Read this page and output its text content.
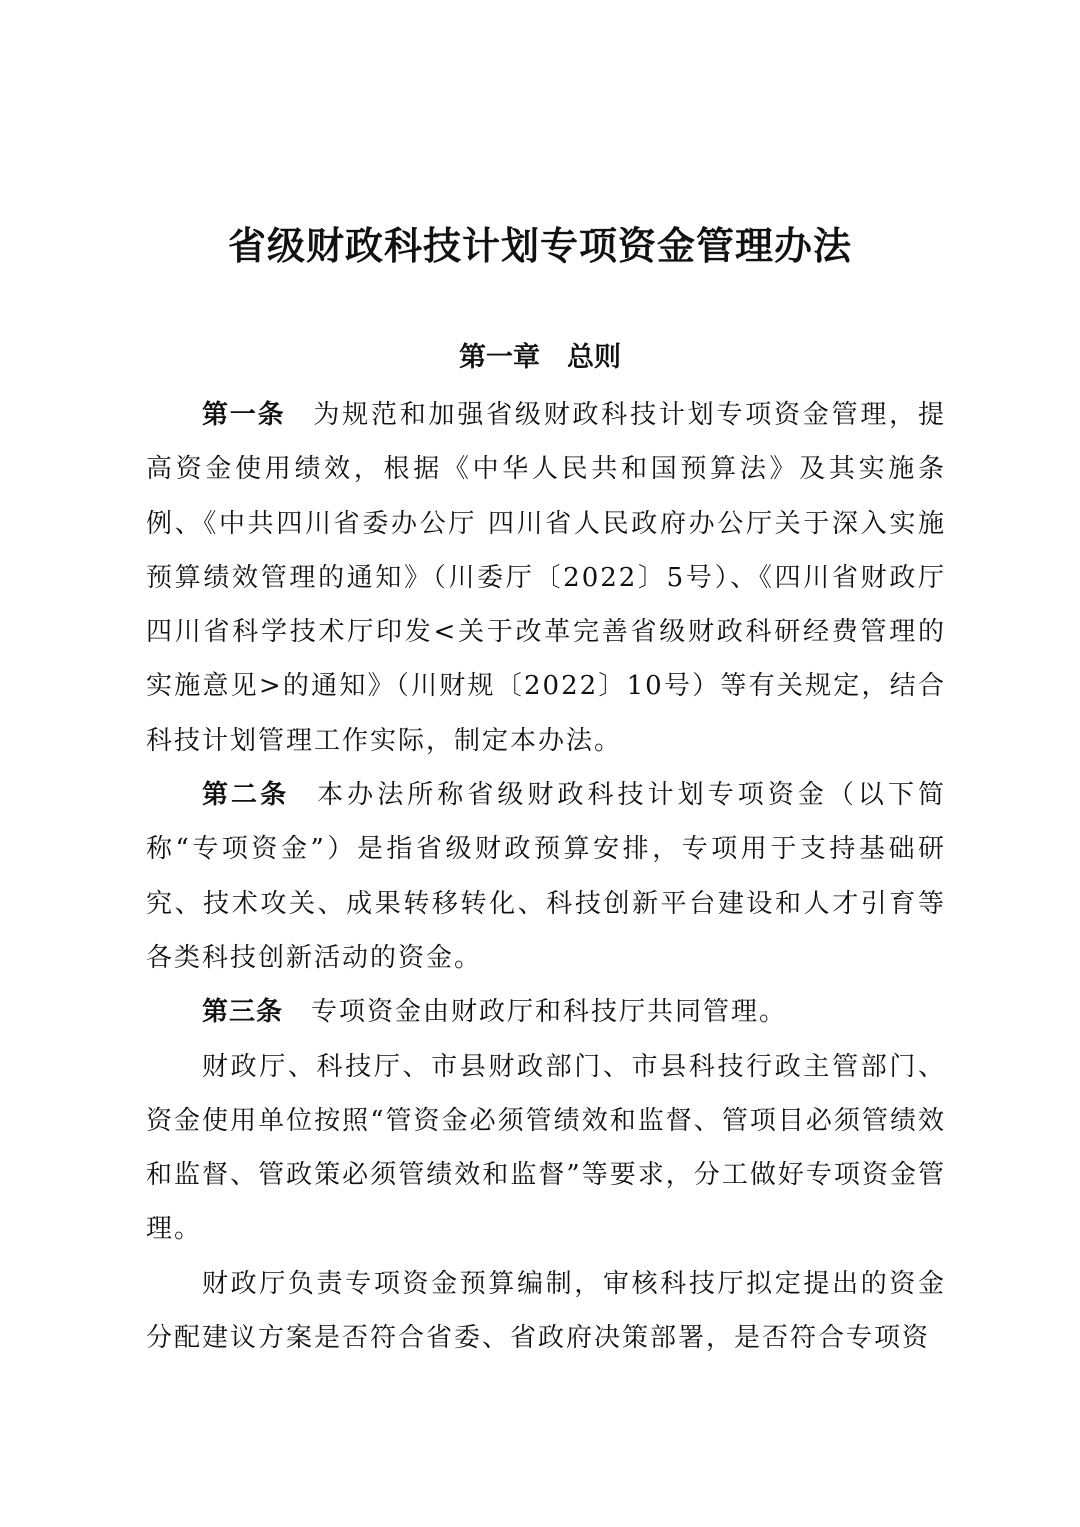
省级财政科技计划专项资金管理办法
第一章　总则

第一条 为规范和加强省级财政科技计划专项资金管理，提高资金使用绩效，根据《中华人民共和国预算法》及其实施条例、《中共四川省委办公厅 四川省人民政府办公厅关于深入实施预算绩效管理的通知》（川委厅〔2022〕5号）、《四川省财政厅 四川省科学技术厅印发<关于改革完善省级财政科研经费管理的实施意见>的通知》（川财规〔2022〕10号）等有关规定，结合科技计划管理工作实际，制定本办法。

第二条 本办法所称省级财政科技计划专项资金（以下简称“专项资金”）是指省级财政预算安排，专项用于支持基础研究、技术攻关、成果转移转化、科技创新平台建设和人才引育等各类科技创新活动的资金。

第三条 专项资金由财政厅和科技厅共同管理。

财政厅、科技厅、市县财政部门、市县科技行政主管部门、资金使用单位按照“管资金必须管绩效和监督、管项目必须管绩效和监督、管政策必须管绩效和监督”等要求，分工做好专项资金管理。

财政厅负责专项资金预算编制，审核科技厅拟定提出的资金分配建议方案是否符合省委、省政府决策部署，是否符合专项资
